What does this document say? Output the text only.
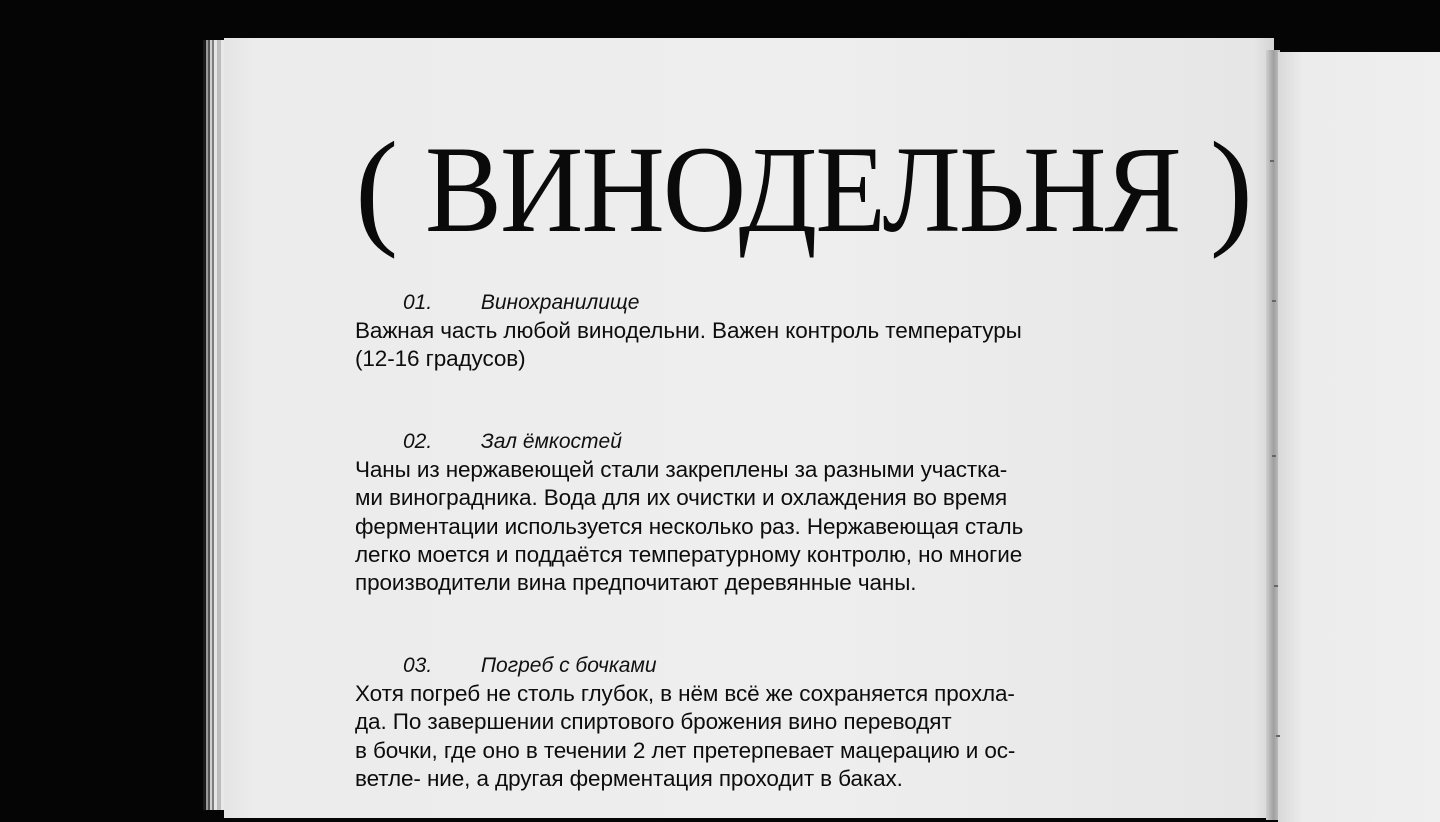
( ВИНОДЕЛЬНЯ )
01. Винохранилище
Важная часть любой винодельни. Важен контроль температуры
(12-16 градусов)
02. Зал ёмкостей
Чаны из нержавеющей стали закреплены за разными участка-
ми виноградника. Вода для их очистки и охлаждения во время
ферментации используется несколько раз. Нержавеющая сталь
легко моется и поддаётся температурному контролю, но многие
производители вина предпочитают деревянные чаны.
03. Погреб с бочками
Хотя погреб не столь глубок, в нём всё же сохраняется прохла-
да. По завершении спиртового брожения вино переводят
в бочки, где оно в течении 2 лет претерпевает мацерацию и ос-
ветле- ние, а другая ферментация проходит в баках.
